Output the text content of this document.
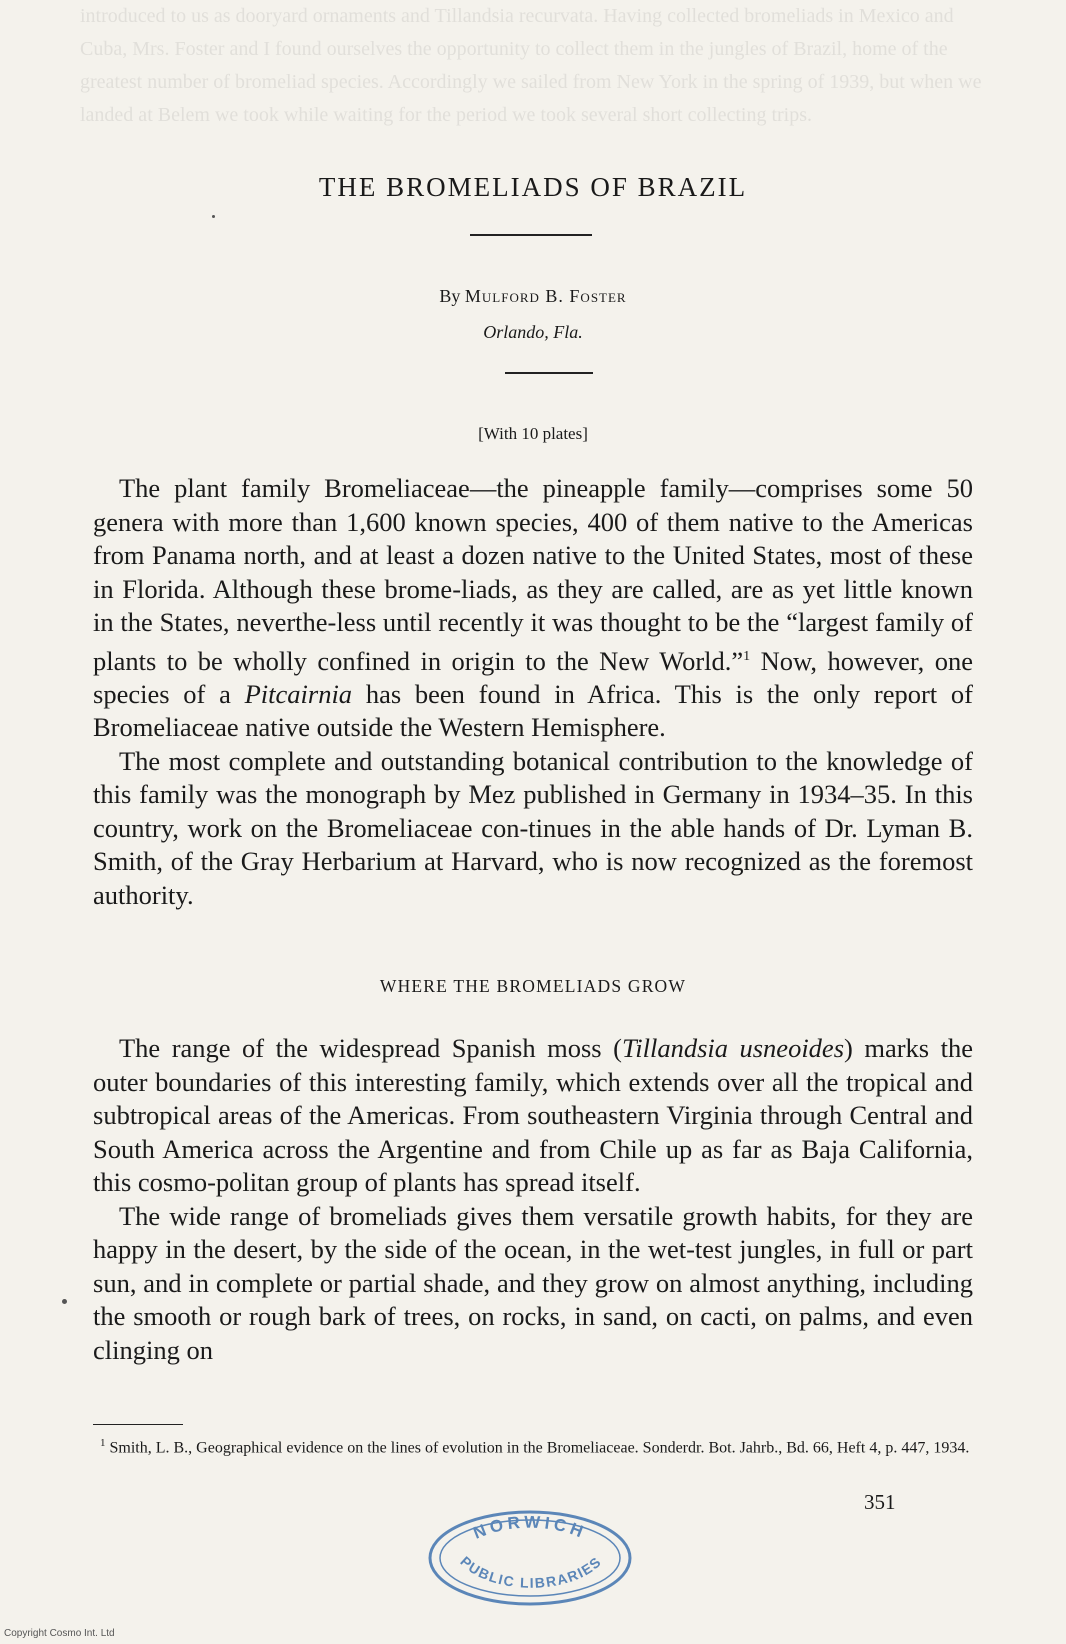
introduced to us as dooryard ornaments and Tillandsia recurvata. Having collected bromeliads in Mexico and Cuba, Mrs. Foster and I found ourselves the opportunity to collect them in the jungles of Brazil, home of the greatest number of bromeliad species. Accordingly we sailed from New York in the spring of 1939, but when we landed at Belem we took while waiting for the period we took several short collecting trips.
THE BROMELIADS OF BRAZIL
By Mulford B. Foster
Orlando, Fla.
[With 10 plates]

The plant family Bromeliaceae—the pineapple family—comprises some 50 genera with more than 1,600 known species, 400 of them native to the Americas from Panama north, and at least a dozen native to the United States, most of these in Florida. Although these brome-liads, as they are called, are as yet little known in the States, neverthe-less until recently it was thought to be the “largest family of plants to be wholly confined in origin to the New World.”$^1$ Now, however, one species of a Pitcairnia has been found in Africa. This is the only report of Bromeliaceae native outside the Western Hemisphere.

The most complete and outstanding botanical contribution to the knowledge of this family was the monograph by Mez published in Germany in 1934–35. In this country, work on the Bromeliaceae con-tinues in the able hands of Dr. Lyman B. Smith, of the Gray Herbarium at Harvard, who is now recognized as the foremost authority.

WHERE THE BROMELIADS GROW

The range of the widespread Spanish moss (Tillandsia usneoides) marks the outer boundaries of this interesting family, which extends over all the tropical and subtropical areas of the Americas. From southeastern Virginia through Central and South America across the Argentine and from Chile up as far as Baja California, this cosmo-politan group of plants has spread itself.

The wide range of bromeliads gives them versatile growth habits, for they are happy in the desert, by the side of the ocean, in the wet-test jungles, in full or part sun, and in complete or partial shade, and they grow on almost anything, including the smooth or rough bark of trees, on rocks, in sand, on cacti, on palms, and even clinging on

$^1$ Smith, L. B., Geographical evidence on the lines of evolution in the Bromeliaceae. Sonderdr. Bot. Jahrb., Bd. 66, Heft 4, p. 447, 1934.

351
NORWICH
PUBLIC LIBRARIES
Copyright Cosmo Int. Ltd
